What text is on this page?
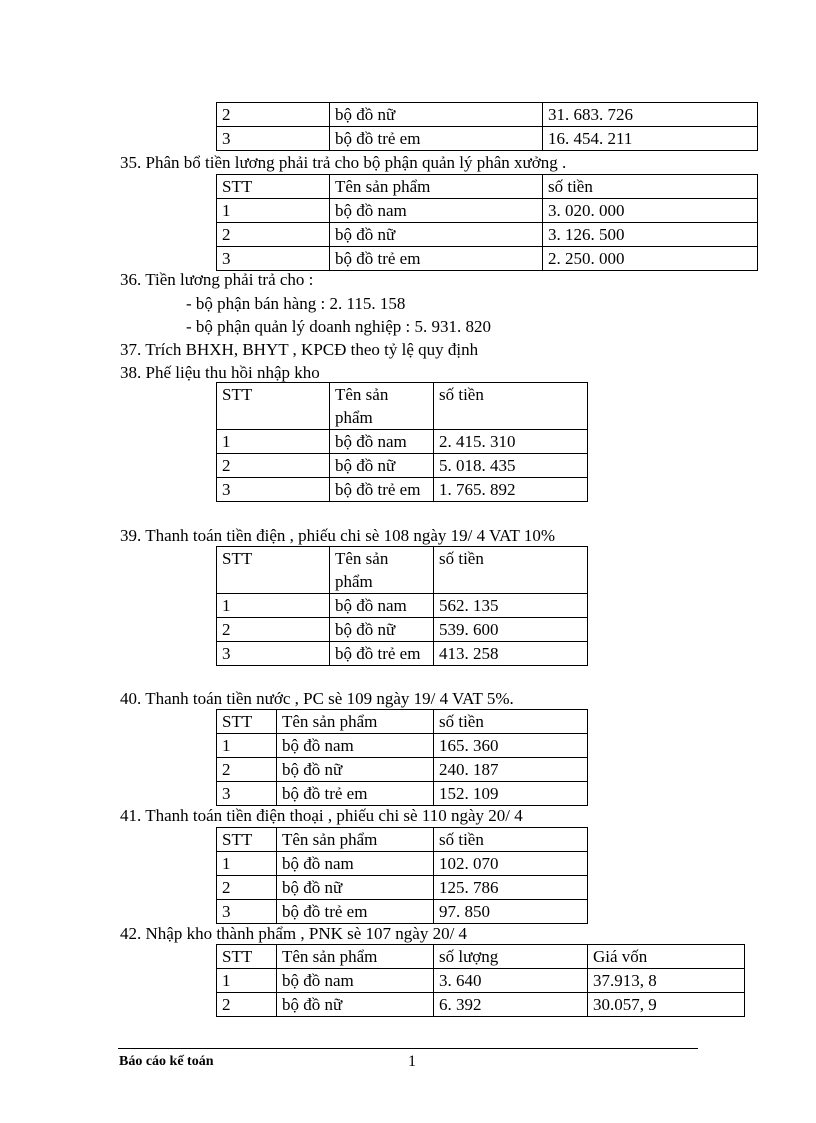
2	bộ đồ nữ	31. 683. 726
3	bộ đồ trẻ em	16. 454. 211
35. Phân bổ tiền lương phải trả cho bộ phận quản lý phân xưởng .
STT	Tên sản phẩm	số tiền
1	bộ đồ nam	3. 020. 000
2	bộ đồ nữ	3. 126. 500
3	bộ đồ trẻ em	2. 250. 000
36. Tiền lương phải trả cho :
- bộ phận bán hàng : 2. 115. 158
- bộ phận quản lý doanh nghiệp : 5. 931. 820
37. Trích BHXH, BHYT , KPCĐ theo tỷ lệ quy định
38. Phế liệu thu hồi nhập kho
STT	Tên sản phẩm	số tiền
1	bộ đồ nam	2. 415. 310
2	bộ đồ nữ	5. 018. 435
3	bộ đồ trẻ em	1. 765. 892
39. Thanh toán tiền điện , phiếu chi sè 108 ngày 19/ 4 VAT 10%
STT	Tên sản phẩm	số tiền
1	bộ đồ nam	562. 135
2	bộ đồ nữ	539. 600
3	bộ đồ trẻ em	413. 258
40. Thanh toán tiền nước , PC sè 109 ngày 19/ 4 VAT 5%.
STT	Tên sản phẩm	số tiền
1	bộ đồ nam	165. 360
2	bộ đồ nữ	240. 187
3	bộ đồ trẻ em	152. 109
41. Thanh toán tiền điện thoại , phiếu chi sè 110 ngày 20/ 4
STT	Tên sản phẩm	số tiền
1	bộ đồ nam	102. 070
2	bộ đồ nữ	125. 786
3	bộ đồ trẻ em	97. 850
42. Nhập kho thành phẩm , PNK sè 107 ngày 20/ 4
STT	Tên sản phẩm	số lượng	Giá vốn
1	bộ đồ nam	3. 640	37.913, 8
2	bộ đồ nữ	6. 392	30.057, 9
Báo cáo kế toán	1
